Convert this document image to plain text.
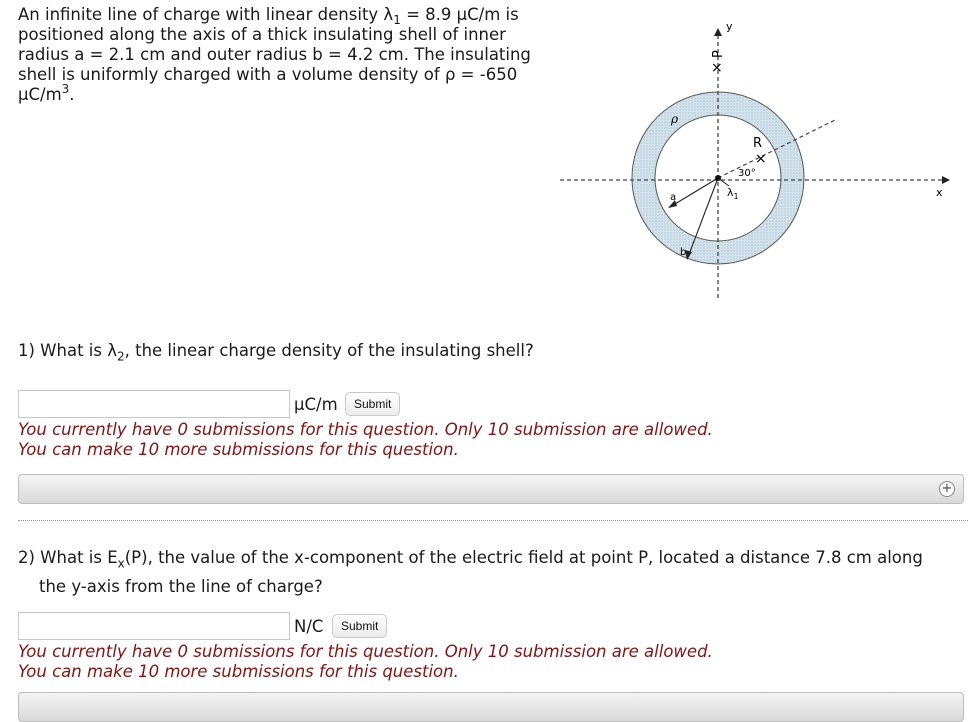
An infinite line of charge with linear density $\lambda_1 = 8.9$ μC/m is positioned along the axis of a thick insulating shell of inner radius a = 2.1 cm and outer radius b = 4.2 cm. The insulating shell is uniformly charged with a volume density of ρ = -650 $\mu C/m^3$.
y
x
P
×
R
×
30°
ρ
a
b
$\lambda_1$
1) What is $\lambda_2$, the linear charge density of the insulating shell?
μC/m	Submit
You currently have 0 submissions for this question. Only 10 submission are allowed.
You can make 10 more submissions for this question.
+
2) What is $E_x(P)$, the value of the x-component of the electric field at point P, located a distance 7.8 cm along
the y-axis from the line of charge?
N/C	Submit
You currently have 0 submissions for this question. Only 10 submission are allowed.
You can make 10 more submissions for this question.
